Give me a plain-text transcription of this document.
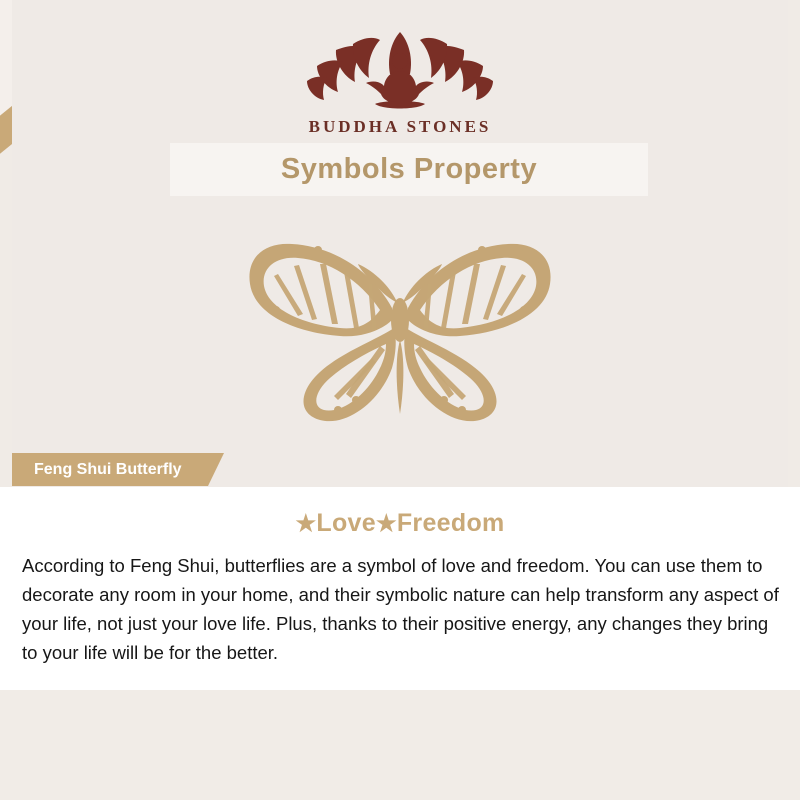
BUDDHA STONES
Symbols Property
Feng Shui Butterfly
★Love★Freedom

According to Feng Shui, butterflies are a symbol of love and freedom. You can use them to decorate any room in your home, and their symbolic nature can help transform any aspect of your life, not just your love life. Plus, thanks to their positive energy, any changes they bring to your life will be for the better.
